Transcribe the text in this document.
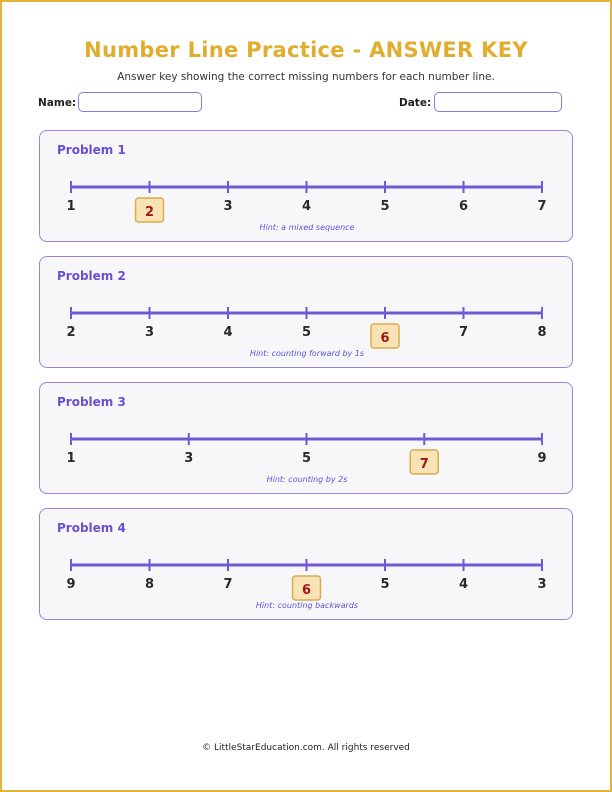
Number Line Practice - ANSWER KEY
Answer key showing the correct missing numbers for each number line.
Name:	Date:
Problem 1
1	2	3	4	5	6	7
Hint: a mixed sequence
Problem 2
2	3	4	5	6	7	8
Hint: counting forward by 1s
Problem 3
1	3	5	7	9
Hint: counting by 2s
Problem 4
9	8	7	6	5	4	3
Hint: counting backwards
© LittleStarEducation.com. All rights reserved
